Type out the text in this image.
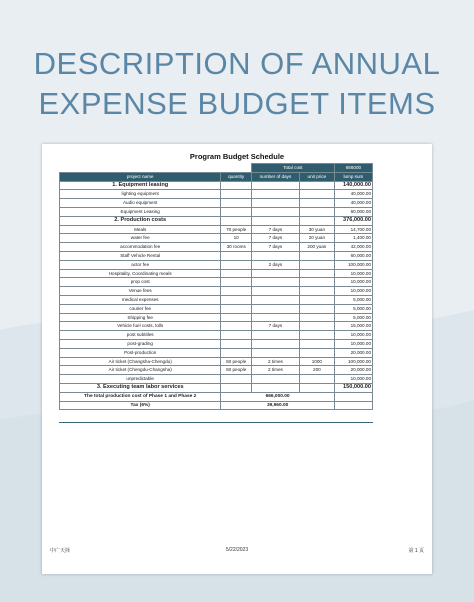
DESCRIPTION OF ANNUAL
EXPENSE BUDGET ITEMS
Program Budget Schedule
		Total cost		666000
project name	quantity	number of days	unit price	lump sum
1. Equipment leasing				140,000.00
lighting equipment				40,000.00
Audio equipment				40,000.00
Equipment Leasing				60,000.00
2. Production costs				376,000.00
Meals	70 people	7 days	30 yuan	14,700.00
water fee	10	7 days	20 yuan	1,400.00
accommodation fee	30 rooms	7 days	200 yuan	42,000.00
Staff Vehicle Rental				60,000.00
actor fee		2 days		100,000.00
Hospitality, Coordinating meals				10,000.00
prop cost				10,000.00
Venue fees				10,000.00
medical expenses				5,000.00
courier fee				5,000.00
Shipping fee				5,000.00
Vehicle fuel costs, tolls		7 days		15,000.00
post subtitles				10,000.00
post-grading				10,000.00
Post-production				20,000.00
Air ticket (Changsha-Chengdu)	50 people	2 times	1000	100,000.00
Air ticket (Chengdu-Changsha)	50 people	2 times	200	20,000.00
unpredictable				10,000.00
3. Executing team labor services				150,000.00
The total production cost of Phase 1 and Phase 2	666,000.00			
Tax (6%)	39,960.00			
中广天择	5/22/2023	第 1 页
